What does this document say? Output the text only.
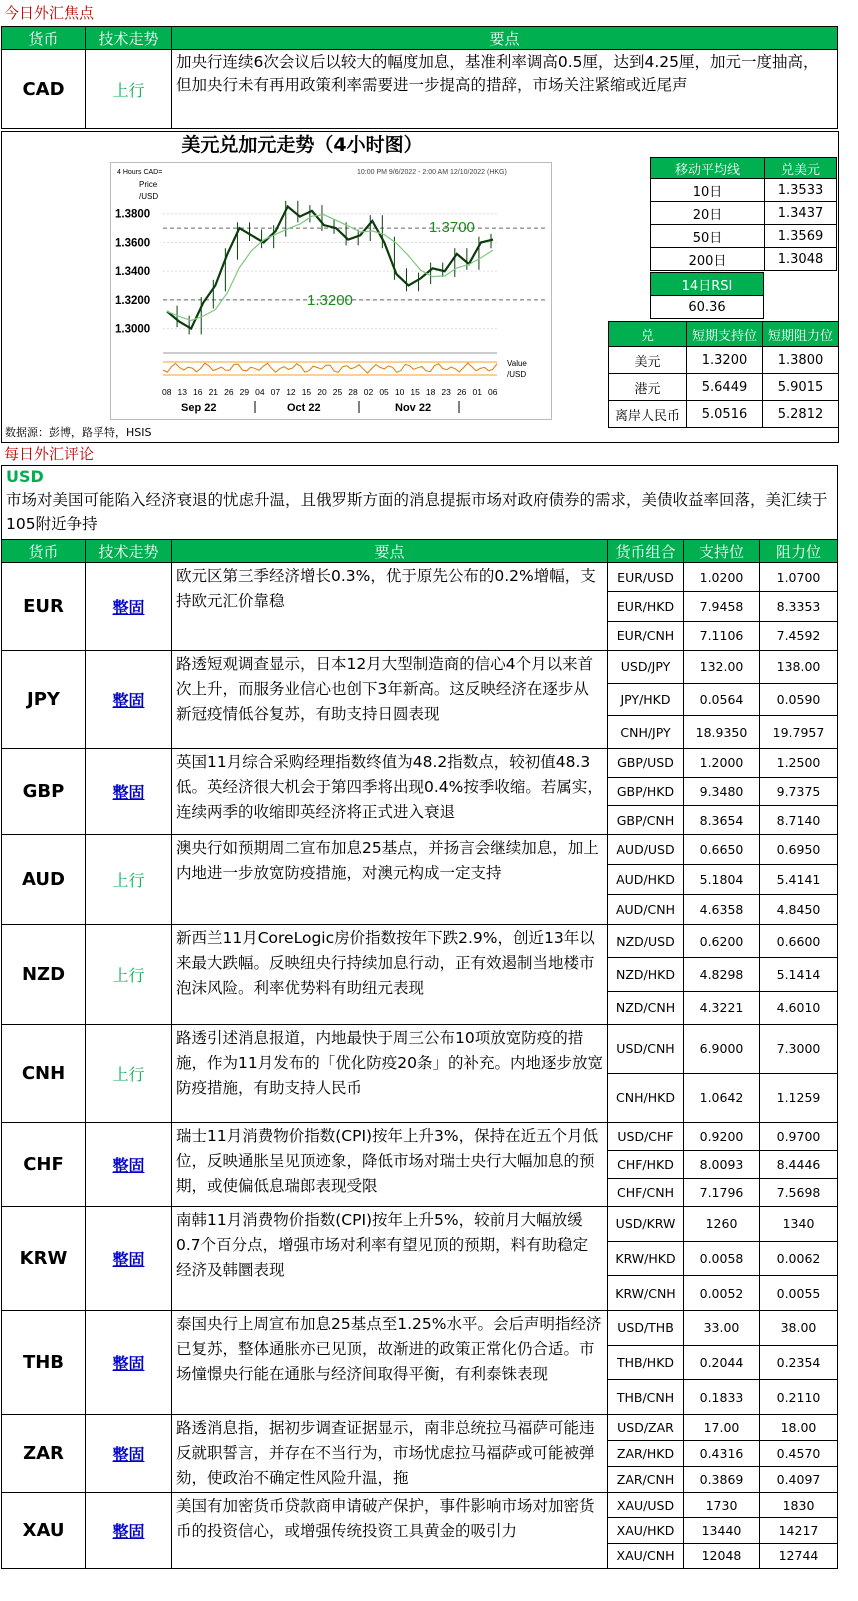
今日外汇焦点
货币	技术走势	要点
CAD	上行	加央行连续6次会议后以较大的幅度加息，基准利率调高0.5厘，达到4.25厘，加元一度抽高，但加央行未有再用政策利率需要进一步提高的措辞，市场关注紧缩或近尾声
美元兑加元走势（4小时图）
4 Hours CAD=	10:00 PM 9/6/2022 - 2:00 AM 12/10/2022 (HKG)
Price
/USD
1.3800
1.3600
1.3400
1.3200
1.3000
1.3700
1.3200
Value
/USD
08 13 16 21 26 29 04 07 12 15 20 25 28 02 05 10 15 18 23 26 01 06
Sep 22	Oct 22	Nov 22
数据源：彭博，路孚特，HSIS
移动平均线	兑美元
10日	1.3533
20日	1.3437
50日	1.3569
200日	1.3048
14日RSI
60.36
兑	短期支持位	短期阻力位
美元	1.3200	1.3800
港元	5.6449	5.9015
离岸人民币	5.0516	5.2812
每日外汇评论
USD
市场对美国可能陷入经济衰退的忧虑升温，且俄罗斯方面的消息提振市场对政府债券的需求，美债收益率回落，美汇续于105附近争持
货币	技术走势	要点	货币组合	支持位	阻力位
EUR	整固	欧元区第三季经济增长0.3%，优于原先公布的0.2%增幅，支持欧元汇价靠稳	EUR/USD	1.0200	1.0700
			EUR/HKD	7.9458	8.3353
			EUR/CNH	7.1106	7.4592
JPY	整固	路透短观调查显示，日本12月大型制造商的信心4个月以来首次上升，而服务业信心也创下3年新高。这反映经济在逐步从新冠疫情低谷复苏，有助支持日圆表现	USD/JPY	132.00	138.00
			JPY/HKD	0.0564	0.0590
			CNH/JPY	18.9350	19.7957
GBP	整固	英国11月综合采购经理指数终值为48.2指数点，较初值48.3低。英经济很大机会于第四季将出现0.4%按季收缩。若属实，连续两季的收缩即英经济将正式进入衰退	GBP/USD	1.2000	1.2500
			GBP/HKD	9.3480	9.7375
			GBP/CNH	8.3654	8.7140
AUD	上行	澳央行如预期周二宣布加息25基点，并扬言会继续加息，加上内地进一步放宽防疫措施，对澳元构成一定支持	AUD/USD	0.6650	0.6950
			AUD/HKD	5.1804	5.4141
			AUD/CNH	4.6358	4.8450
NZD	上行	新西兰11月CoreLogic房价指数按年下跌2.9%，创近13年以来最大跌幅。反映纽央行持续加息行动，正有效遏制当地楼市泡沫风险。利率优势料有助纽元表现	NZD/USD	0.6200	0.6600
			NZD/HKD	4.8298	5.1414
			NZD/CNH	4.3221	4.6010
CNH	上行	路透引述消息报道，内地最快于周三公布10项放宽防疫的措施，作为11月发布的「优化防疫20条」的补充。内地逐步放宽防疫措施，有助支持人民币	USD/CNH	6.9000	7.3000
			CNH/HKD	1.0642	1.1259
CHF	整固	瑞士11月消费物价指数(CPI)按年上升3%，保持在近五个月低位，反映通胀呈见顶迹象，降低市场对瑞士央行大幅加息的预期，或使偏低息瑞郎表现受限	USD/CHF	0.9200	0.9700
			CHF/HKD	8.0093	8.4446
			CHF/CNH	7.1796	7.5698
KRW	整固	南韩11月消费物价指数(CPI)按年上升5%，较前月大幅放缓0.7个百分点，增强市场对利率有望见顶的预期，料有助稳定经济及韩圜表现	USD/KRW	1260	1340
			KRW/HKD	0.0058	0.0062
			KRW/CNH	0.0052	0.0055
THB	整固	泰国央行上周宣布加息25基点至1.25%水平。会后声明指经济已复苏，整体通胀亦已见顶，故渐进的政策正常化仍合适。市场憧憬央行能在通胀与经济间取得平衡，有利泰铢表现	USD/THB	33.00	38.00
			THB/HKD	0.2044	0.2354
			THB/CNH	0.1833	0.2110
ZAR	整固	路透消息指，据初步调查证据显示，南非总统拉马福萨可能违反就职誓言，并存在不当行为，市场忧虑拉马福萨或可能被弹劾，使政治不确定性风险升温，拖	USD/ZAR	17.00	18.00
			ZAR/HKD	0.4316	0.4570
			ZAR/CNH	0.3869	0.4097
XAU	整固	美国有加密货币贷款商申请破产保护，事件影响市场对加密货币的投资信心，或增强传统投资工具黄金的吸引力	XAU/USD	1730	1830
			XAU/HKD	13440	14217
			XAU/CNH	12048	12744
